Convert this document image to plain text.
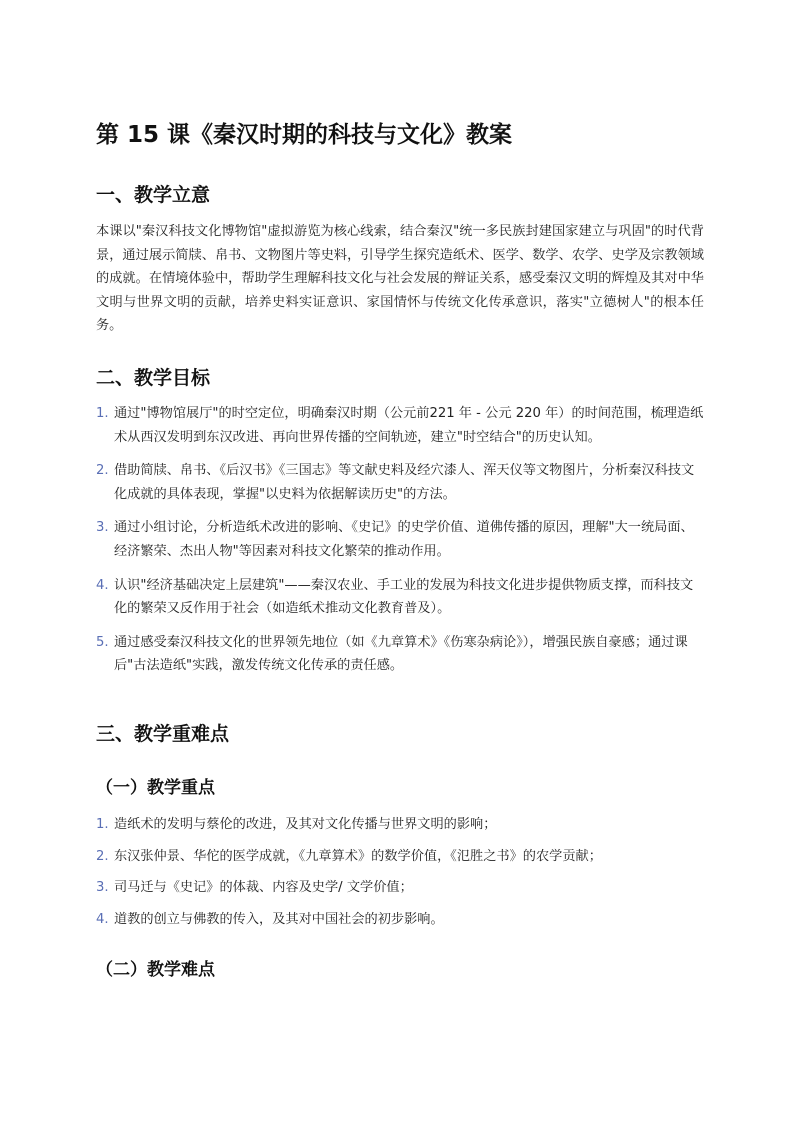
第 15 课《秦汉时期的科技与文化》教案
一、教学立意

本课以"秦汉科技文化博物馆"虚拟游览为核心线索，结合秦汉"统一多民族封建国家建立与巩固"的时代背景，通过展示简牍、帛书、文物图片等史料，引导学生探究造纸术、医学、数学、农学、史学及宗教领域的成就。在情境体验中，帮助学生理解科技文化与社会发展的辩证关系，感受秦汉文明的辉煌及其对中华文明与世界文明的贡献，培养史料实证意识、家国情怀与传统文化传承意识，落实"立德树人"的根本任务。

二、教学目标
1. 通过"博物馆展厅"的时空定位，明确秦汉时期（公元前221 年 - 公元 220 年）的时间范围，梳理造纸术从西汉发明到东汉改进、再向世界传播的空间轨迹，建立"时空结合"的历史认知。
2. 借助简牍、帛书、《后汉书》《三国志》等文献史料及经穴漆人、浑天仪等文物图片，分析秦汉科技文化成就的具体表现，掌握"以史料为依据解读历史"的方法。
3. 通过小组讨论，分析造纸术改进的影响、《史记》的史学价值、道佛传播的原因，理解"大一统局面、经济繁荣、杰出人物"等因素对科技文化繁荣的推动作用。
4. 认识"经济基础决定上层建筑"——秦汉农业、手工业的发展为科技文化进步提供物质支撑，而科技文化的繁荣又反作用于社会（如造纸术推动文化教育普及）。
5. 通过感受秦汉科技文化的世界领先地位（如《九章算术》《伤寒杂病论》），增强民族自豪感；通过课后"古法造纸"实践，激发传统文化传承的责任感。
三、教学重难点
（一）教学重点
1. 造纸术的发明与蔡伦的改进，及其对文化传播与世界文明的影响；
2. 东汉张仲景、华佗的医学成就，《九章算术》的数学价值，《氾胜之书》的农学贡献；
3. 司马迁与《史记》的体裁、内容及史学/ 文学价值；
4. 道教的创立与佛教的传入，及其对中国社会的初步影响。
（二）教学难点
